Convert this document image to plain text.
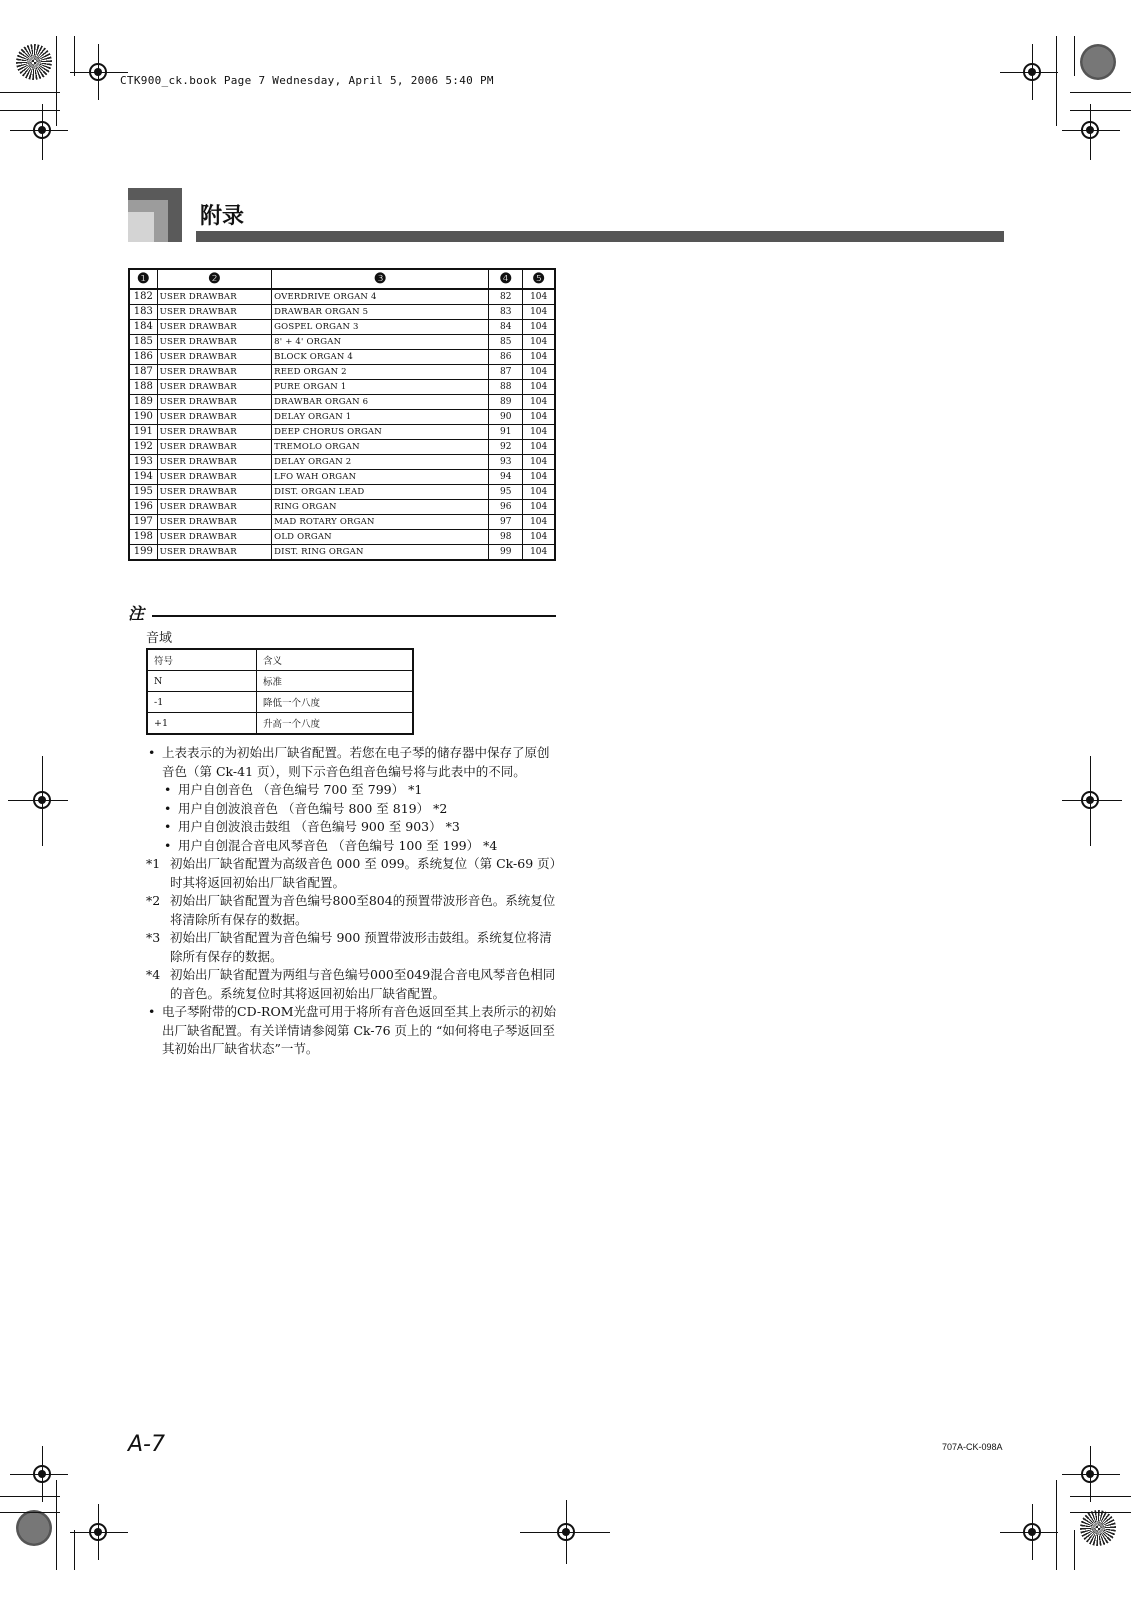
CTK900_ck.book Page 7 Wednesday, April 5, 2006 5:40 PM
附录
❶	❷	❸	❹	❺
182	USER DRAWBAR	OVERDRIVE ORGAN 4	82	104
183	USER DRAWBAR	DRAWBAR ORGAN 5	83	104
184	USER DRAWBAR	GOSPEL ORGAN 3	84	104
185	USER DRAWBAR	8' + 4' ORGAN	85	104
186	USER DRAWBAR	BLOCK ORGAN 4	86	104
187	USER DRAWBAR	REED ORGAN 2	87	104
188	USER DRAWBAR	PURE ORGAN 1	88	104
189	USER DRAWBAR	DRAWBAR ORGAN 6	89	104
190	USER DRAWBAR	DELAY ORGAN 1	90	104
191	USER DRAWBAR	DEEP CHORUS ORGAN	91	104
192	USER DRAWBAR	TREMOLO ORGAN	92	104
193	USER DRAWBAR	DELAY ORGAN 2	93	104
194	USER DRAWBAR	LFO WAH ORGAN	94	104
195	USER DRAWBAR	DIST. ORGAN LEAD	95	104
196	USER DRAWBAR	RING ORGAN	96	104
197	USER DRAWBAR	MAD ROTARY ORGAN	97	104
198	USER DRAWBAR	OLD ORGAN	98	104
199	USER DRAWBAR	DIST. RING ORGAN	99	104
注
音域
符号	含义
N	标准
-1	降低一个八度
+1	升高一个八度

• 上表表示的为初始出厂缺省配置。若您在电子琴的储存器中保存了原创音色（第 Ck-41 页），则下示音色组音色编号将与此表中的不同。

• 用户自创音色 （音色编号 700 至 799） *1

• 用户自创波浪音色 （音色编号 800 至 819） *2

• 用户自创波浪击鼓组 （音色编号 900 至 903） *3

• 用户自创混合音电风琴音色 （音色编号 100 至 199） *4

*1 初始出厂缺省配置为高级音色 000 至 099。系统复位（第 Ck-69 页）时其将返回初始出厂缺省配置。

*2 初始出厂缺省配置为音色编号800至804的预置带波形音色。系统复位将清除所有保存的数据。

*3 初始出厂缺省配置为音色编号 900 预置带波形击鼓组。系统复位将清除所有保存的数据。

*4 初始出厂缺省配置为两组与音色编号000至049混合音电风琴音色相同的音色。系统复位时其将返回初始出厂缺省配置。

• 电子琴附带的CD-ROM光盘可用于将所有音色返回至其上表所示的初始出厂缺省配置。有关详情请参阅第 Ck-76 页上的 “如何将电子琴返回至其初始出厂缺省状态”一节。

A-7	707A-CK-098A
